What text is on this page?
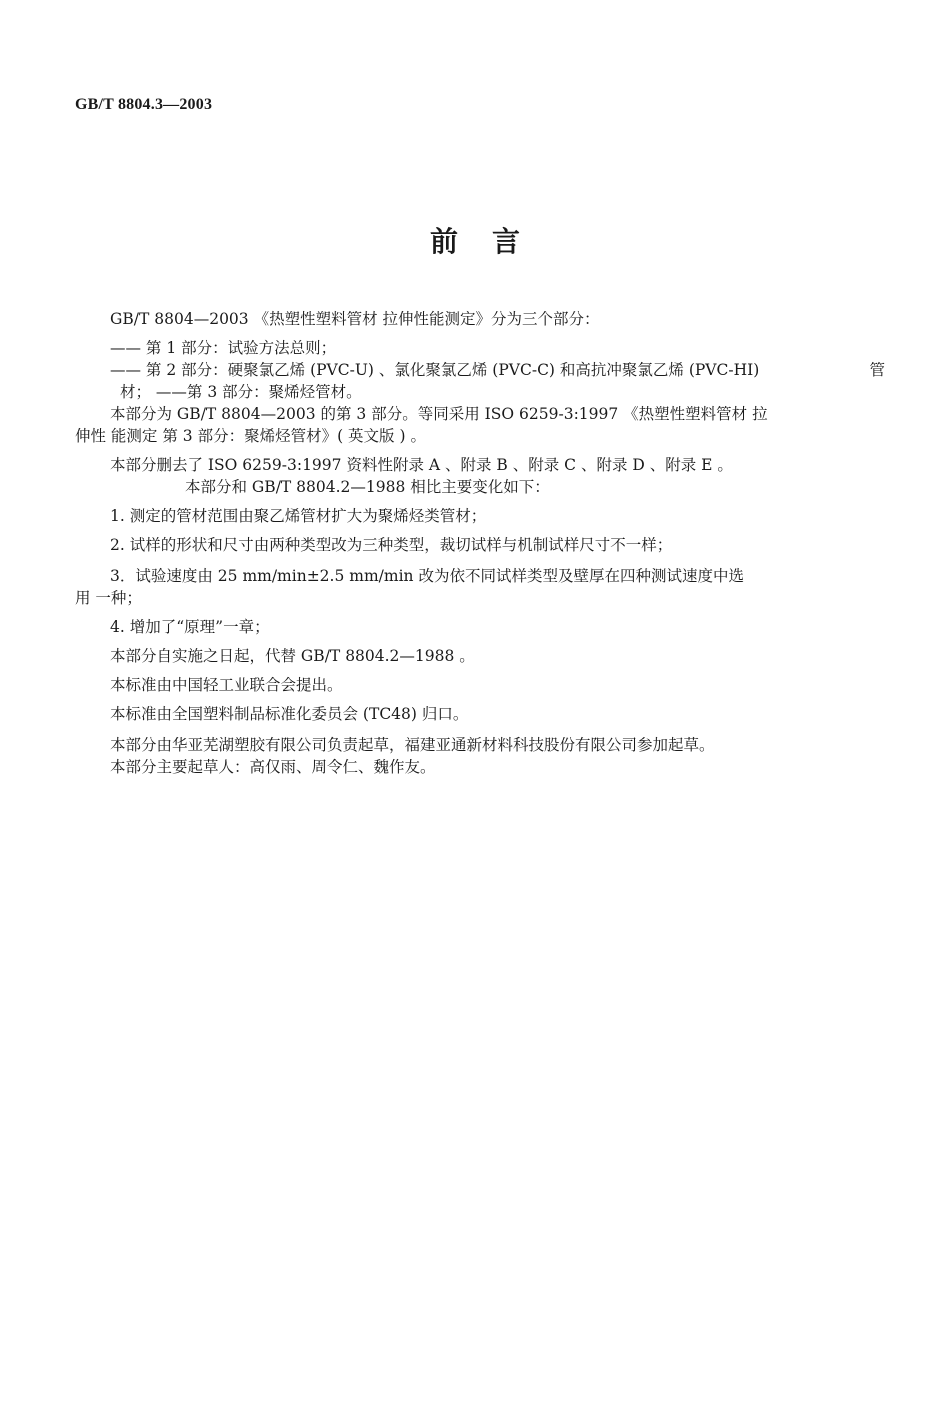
GB/T 8804.3—2003
前言

GB/T 8804—2003 《热塑性塑料管材 拉伸性能测定》分为三个部分：

—— 第 1 部分：试验方法总则；

—— 第 2 部分：硬聚氯乙烯 (PVC-U) 、氯化聚氯乙烯 (PVC-C) 和高抗冲聚氯乙烯 (PVC-HI)	管

材； ——第 3 部分：聚烯烃管材。

本部分为 GB/T 8804—2003 的第 3 部分。等同采用 ISO 6259-3:1997 《热塑性塑料管材 拉

伸性 能测定 第 3 部分：聚烯烃管材》( 英文版 ) 。

本部分删去了 ISO 6259-3:1997 资料性附录 A 、附录 B 、附录 C 、附录 D 、附录 E 。

本部分和 GB/T 8804.2—1988 相比主要变化如下：

1. 测定的管材范围由聚乙烯管材扩大为聚烯烃类管材；

2. 试样的形状和尺寸由两种类型改为三种类型，裁切试样与机制试样尺寸不一样；

3．试验速度由 25 mm/min±2.5 mm/min 改为依不同试样类型及壁厚在四种测试速度中选

用 一种；

4. 增加了“原理”一章；

本部分自实施之日起，代替 GB/T 8804.2—1988 。

本标准由中国轻工业联合会提出。

本标准由全国塑料制品标准化委员会 (TC48) 归口。

本部分由华亚芜湖塑胶有限公司负责起草，福建亚通新材料科技股份有限公司参加起草。

本部分主要起草人：高仅雨、周令仁、魏作友。
